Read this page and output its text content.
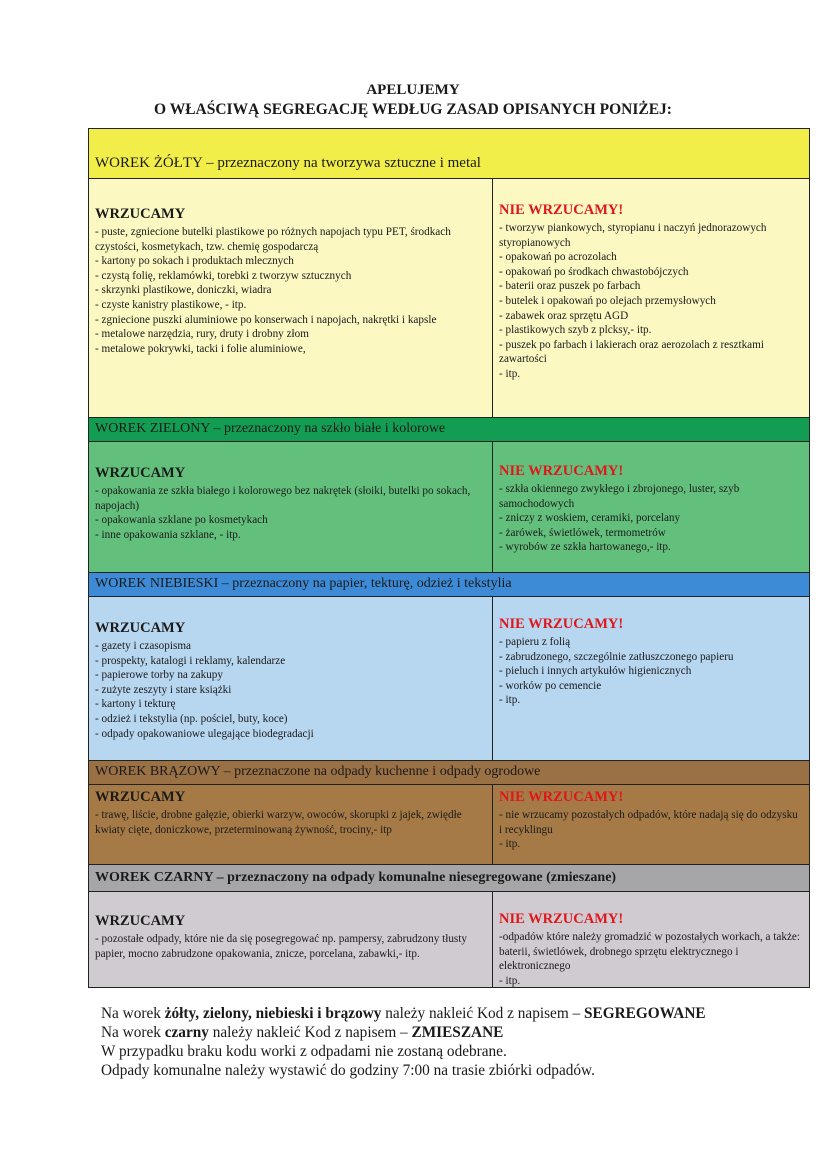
APELUJEMY
O WŁAŚCIWĄ SEGREGACJĘ WEDŁUG ZASAD OPISANYCH PONIŻEJ:
WOREK ŻÓŁTY – przeznaczony na tworzywa sztuczne i metal
WRZUCAMY
- puste, zgniecione butelki plastikowe po różnych napojach typu PET, środkach czystości, kosmetykach, tzw. chemię gospodarczą
- kartony po sokach i produktach mlecznych
- czystą folię, reklamówki, torebki z tworzyw sztucznych
- skrzynki plastikowe, doniczki, wiadra
- czyste kanistry plastikowe, - itp.
- zgniecione puszki aluminiowe po konserwach i napojach, nakrętki i kapsle
- metalowe narzędzia, rury, druty i drobny złom
- metalowe pokrywki, tacki i folie aluminiowe,
NIE WRZUCAMY!
- tworzyw piankowych, styropianu i naczyń jednorazowych styropianowych
- opakowań po acrozolach
- opakowań po środkach chwastobójczych
- baterii oraz puszek po farbach
- butelek i opakowań po olejach przemysłowych
- zabawek oraz sprzętu AGD
- plastikowych szyb z plcksy,- itp.
- puszek po farbach i lakierach oraz aerozolach z resztkami zawartości
- itp.
WOREK ZIELONY – przeznaczony na szkło białe i kolorowe
WRZUCAMY
- opakowania ze szkła białego i kolorowego bez nakrętek (słoiki, butelki po sokach, napojach)
- opakowania szklane po kosmetykach
- inne opakowania szklane, - itp.
NIE WRZUCAMY!
- szkła okiennego zwykłego i zbrojonego, luster, szyb samochodowych
- zniczy z woskiem, ceramiki, porcelany
- żarówek, świetlówek, termometrów
- wyrobów ze szkła hartowanego,- itp.
WOREK NIEBIESKI – przeznaczony na papier, tekturę, odzież i tekstylia
WRZUCAMY
- gazety i czasopisma
- prospekty, katalogi i reklamy, kalendarze
- papierowe torby na zakupy
- zużyte zeszyty i stare książki
- kartony i tekturę
- odzież i tekstylia (np. pościel, buty, koce)
- odpady opakowaniowe ulegające biodegradacji
NIE WRZUCAMY!
- papieru z folią
- zabrudzonego, szczególnie zatłuszczonego papieru
- pieluch i innych artykułów higienicznych
- worków po cemencie
- itp.
WOREK BRĄZOWY – przeznaczone na odpady kuchenne i odpady ogrodowe
WRZUCAMY
- trawę, liście, drobne gałęzie, obierki warzyw, owoców, skorupki z jajek, zwiędłe kwiaty cięte, doniczkowe, przeterminowaną żywność, trociny,- itp
NIE WRZUCAMY!
- nie wrzucamy pozostałych odpadów, które nadają się do odzysku i recyklingu
- itp.
WOREK CZARNY – przeznaczony na odpady komunalne niesegregowane (zmieszane)
WRZUCAMY
- pozostałe odpady, które nie da się posegregować np. pampersy, zabrudzony tłusty papier, mocno zabrudzone opakowania, znicze, porcelana, zabawki,- itp.
NIE WRZUCAMY!
-odpadów które należy gromadzić w pozostałych workach, a także: baterii, świetlówek, drobnego sprzętu elektrycznego i elektronicznego
- itp.

Na worek żółty, zielony, niebieski i brązowy należy nakleić Kod z napisem – SEGREGOWANE

Na worek czarny należy nakleić Kod z napisem – ZMIESZANE

W przypadku braku kodu worki z odpadami nie zostaną odebrane.

Odpady komunalne należy wystawić do godziny 7:00 na trasie zbiórki odpadów.
